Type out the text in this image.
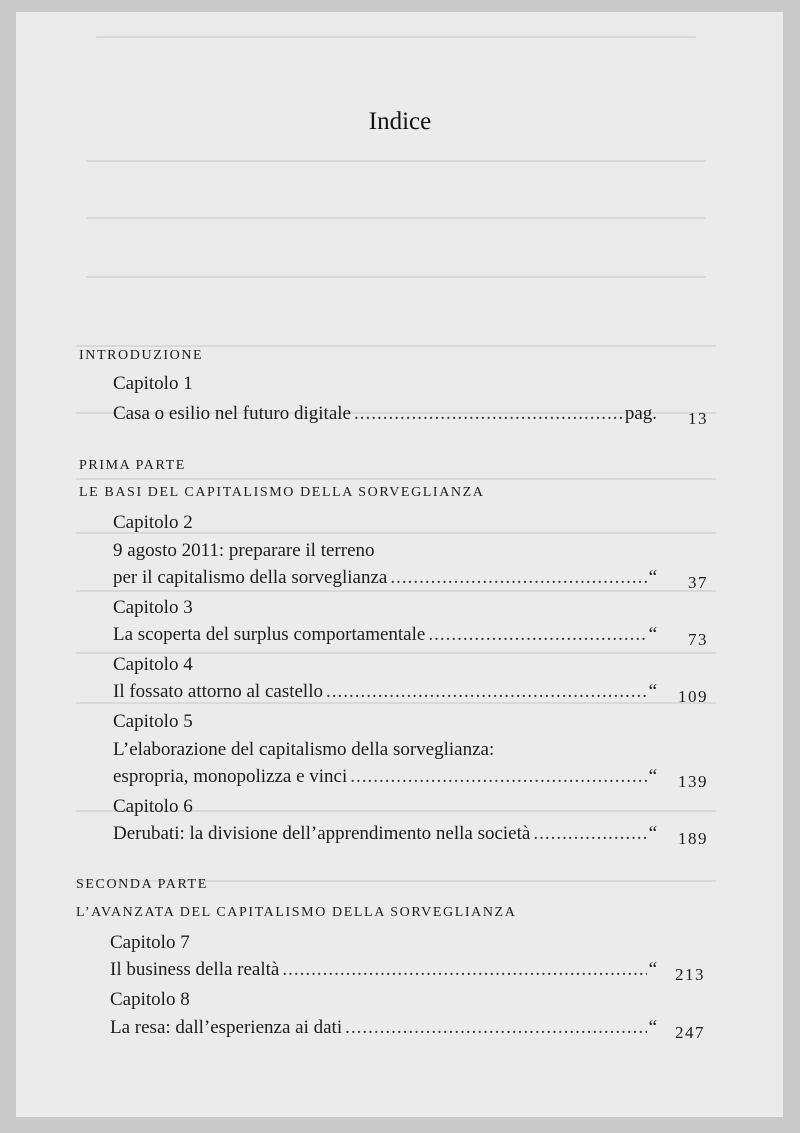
Indice
INTRODUZIONE
Capitolo 1
Casa o esilio nel futuro digitale .....	pag.	13
PRIMA PARTE
LE BASI DEL CAPITALISMO DELLA SORVEGLIANZA
Capitolo 2
9 agosto 2011: preparare il terreno
per il capitalismo della sorveglianza .....	“	37
Capitolo 3
La scoperta del surplus comportamentale .....	“	73
Capitolo 4
Il fossato attorno al castello .....	“	109
Capitolo 5
L’elaborazione del capitalismo della sorveglianza:
espropria, monopolizza e vinci .....	“	139
Capitolo 6
Derubati: la divisione dell’apprendimento nella società .....	“	189
SECONDA PARTE
L’AVANZATA DEL CAPITALISMO DELLA SORVEGLIANZA
Capitolo 7
Il business della realtà .....	“	213
Capitolo 8
La resa: dall’esperienza ai dati .....	“	247
